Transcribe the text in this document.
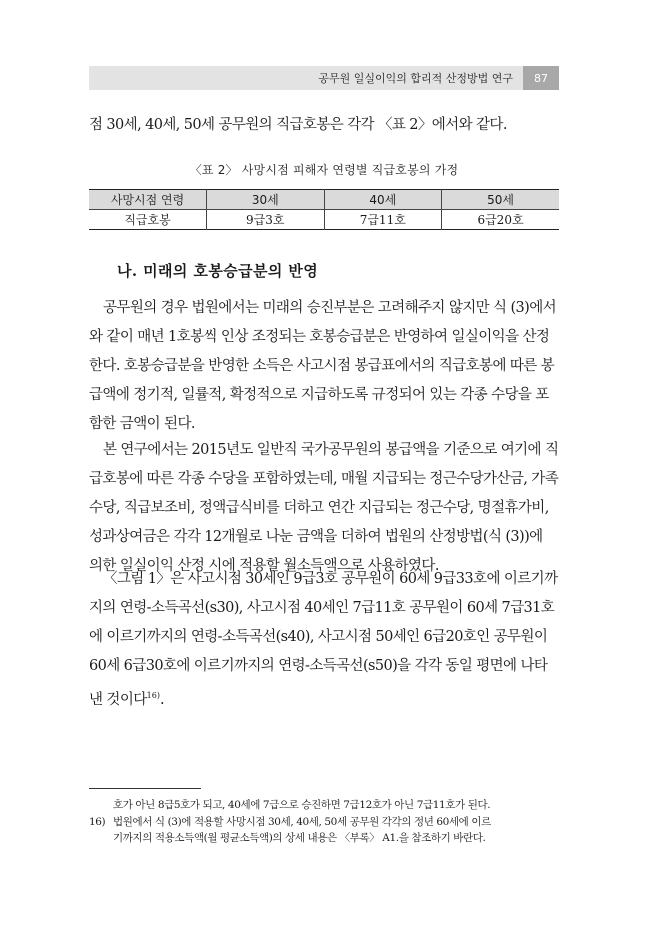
공무원 일실이익의 합리적 산정방법 연구	87
점 30세, 40세, 50세 공무원의 직급호봉은 각각 〈표 2〉에서와 같다.
〈표 2〉 사망시점 피해자 연령별 직급호봉의 가정
사망시점 연령	30세	40세	50세
직급호봉	9급3호	7급11호	6급20호
나. 미래의 호봉승급분의 반영

공무원의 경우 법원에서는 미래의 승진부분은 고려해주지 않지만 식 (3)에서와 같이 매년 1호봉씩 인상 조정되는 호봉승급분은 반영하여 일실이익을 산정한다. 호봉승급분을 반영한 소득은 사고시점 봉급표에서의 직급호봉에 따른 봉급액에 정기적, 일률적, 확정적으로 지급하도록 규정되어 있는 각종 수당을 포함한 금액이 된다.

본 연구에서는 2015년도 일반직 국가공무원의 봉급액을 기준으로 여기에 직급호봉에 따른 각종 수당을 포함하였는데, 매월 지급되는 정근수당가산금, 가족수당, 직급보조비, 정액급식비를 더하고 연간 지급되는 정근수당, 명절휴가비, 성과상여금은 각각 12개월로 나눈 금액을 더하여 법원의 산정방법(식 (3))에 의한 일실이익 산정 시에 적용할 월소득액으로 사용하였다.

〈그림 1〉은 사고시점 30세인 9급3호 공무원이 60세 9급33호에 이르기까지의 연령-소득곡선(s30), 사고시점 40세인 7급11호 공무원이 60세 7급31호에 이르기까지의 연령-소득곡선(s40), 사고시점 50세인 6급20호인 공무원이 60세 6급30호에 이르기까지의 연령-소득곡선(s50)을 각각 동일 평면에 나타낸 것이다$^{16)}$.

호가 아닌 8급5호가 되고, 40세에 7급으로 승진하면 7급12호가 아닌 7급11호가 된다.
16) 법원에서 식 (3)에 적용할 사망시점 30세, 40세, 50세 공무원 각각의 정년 60세에 이르
기까지의 적용소득액(월 평균소득액)의 상세 내용은 〈부록〉 A1.을 참조하기 바란다.
